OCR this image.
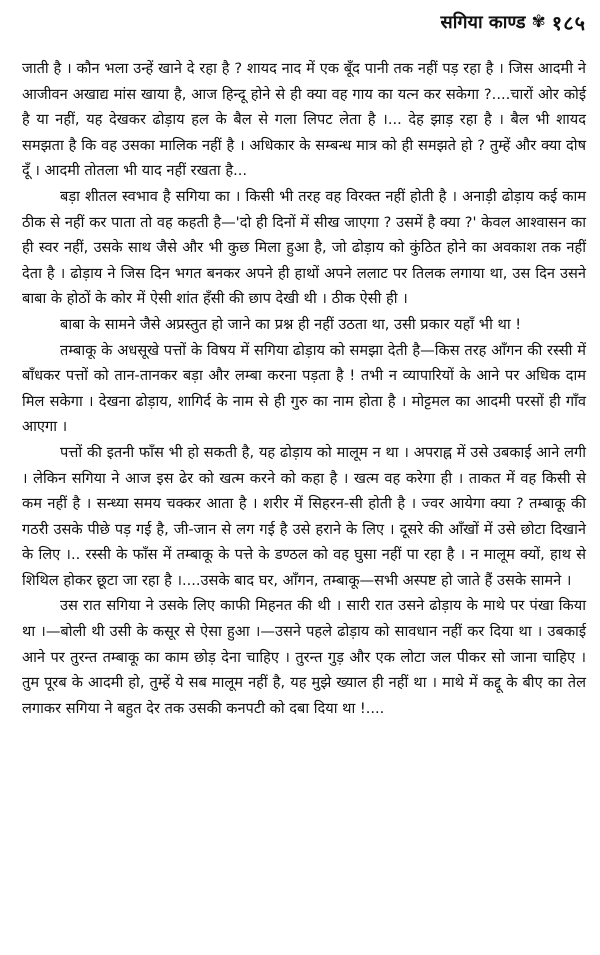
सगिया काण्ड ✾ १८५

जाती है । कौन भला उन्हें खाने दे रहा है ? शायद नाद में एक बूँद पानी तक नहीं पड़ रहा है । जिस आदमी ने आजीवन अखाद्य मांस खाया है, आज हिन्दू होने से ही क्या वह गाय का यत्न कर सकेगा ?....चारों ओर कोई है या नहीं, यह देखकर ढोड़ाय हल के बैल से गला लिपट लेता है ।... देह झाड़ रहा है । बैल भी शायद समझता है कि वह उसका मालिक नहीं है । अधिकार के सम्बन्ध मात्र को ही समझते हो ? तुम्हें और क्या दोष दूँ । आदमी तोतला भी याद नहीं रखता है...

बड़ा शीतल स्वभाव है सगिया का । किसी भी तरह वह विरक्त नहीं होती है । अनाड़ी ढोड़ाय कई काम ठीक से नहीं कर पाता तो वह कहती है—'दो ही दिनों में सीख जाएगा ? उसमें है क्या ?' केवल आश्वासन का ही स्वर नहीं, उसके साथ जैसे और भी कुछ मिला हुआ है, जो ढोड़ाय को कुंठित होने का अवकाश तक नहीं देता है । ढोड़ाय ने जिस दिन भगत बनकर अपने ही हाथों अपने ललाट पर तिलक लगाया था, उस दिन उसने बाबा के होठों के कोर में ऐसी शांत हँसी की छाप देखी थी । ठीक ऐसी ही ।

बाबा के सामने जैसे अप्रस्तुत हो जाने का प्रश्न ही नहीं उठता था, उसी प्रकार यहाँ भी था !

तम्बाकू के अधसूखे पत्तों के विषय में सगिया ढोड़ाय को समझा देती है—किस तरह आँगन की रस्सी में बाँधकर पत्तों को तान-तानकर बड़ा और लम्बा करना पड़ता है ! तभी न व्यापारियों के आने पर अधिक दाम मिल सकेगा । देखना ढोड़ाय, शागिर्द के नाम से ही गुरु का नाम होता है । मोट्टमल का आदमी परसों ही गाँव आएगा ।

पत्तों की इतनी फाँस भी हो सकती है, यह ढोड़ाय को मालूम न था । अपराह्न में उसे उबकाई आने लगी । लेकिन सगिया ने आज इस ढेर को खत्म करने को कहा है । खत्म वह करेगा ही । ताकत में वह किसी से कम नहीं है । सन्ध्या समय चक्कर आता है । शरीर में सिहरन-सी होती है । ज्वर आयेगा क्या ? तम्बाकू की गठरी उसके पीछे पड़ गई है, जी-जान से लग गई है उसे हराने के लिए । दूसरे की आँखों में उसे छोटा दिखाने के लिए ।.. रस्सी के फाँस में तम्बाकू के पत्ते के डण्ठल को वह घुसा नहीं पा रहा है । न मालूम क्यों, हाथ से शिथिल होकर छूटा जा रहा है ।....उसके बाद घर, आँगन, तम्बाकू—सभी अस्पष्ट हो जाते हैं उसके सामने ।

उस रात सगिया ने उसके लिए काफी मिहनत की थी । सारी रात उसने ढोड़ाय के माथे पर पंखा किया था ।—बोली थी उसी के कसूर से ऐसा हुआ ।—उसने पहले ढोड़ाय को सावधान नहीं कर दिया था । उबकाई आने पर तुरन्त तम्बाकू का काम छोड़ देना चाहिए । तुरन्त गुड़ और एक लोटा जल पीकर सो जाना चाहिए । तुम पूरब के आदमी हो, तुम्हें ये सब मालूम नहीं है, यह मुझे ख्याल ही नहीं था । माथे में कद्दू के बीए का तेल लगाकर सगिया ने बहुत देर तक उसकी कनपटी को दबा दिया था !....
